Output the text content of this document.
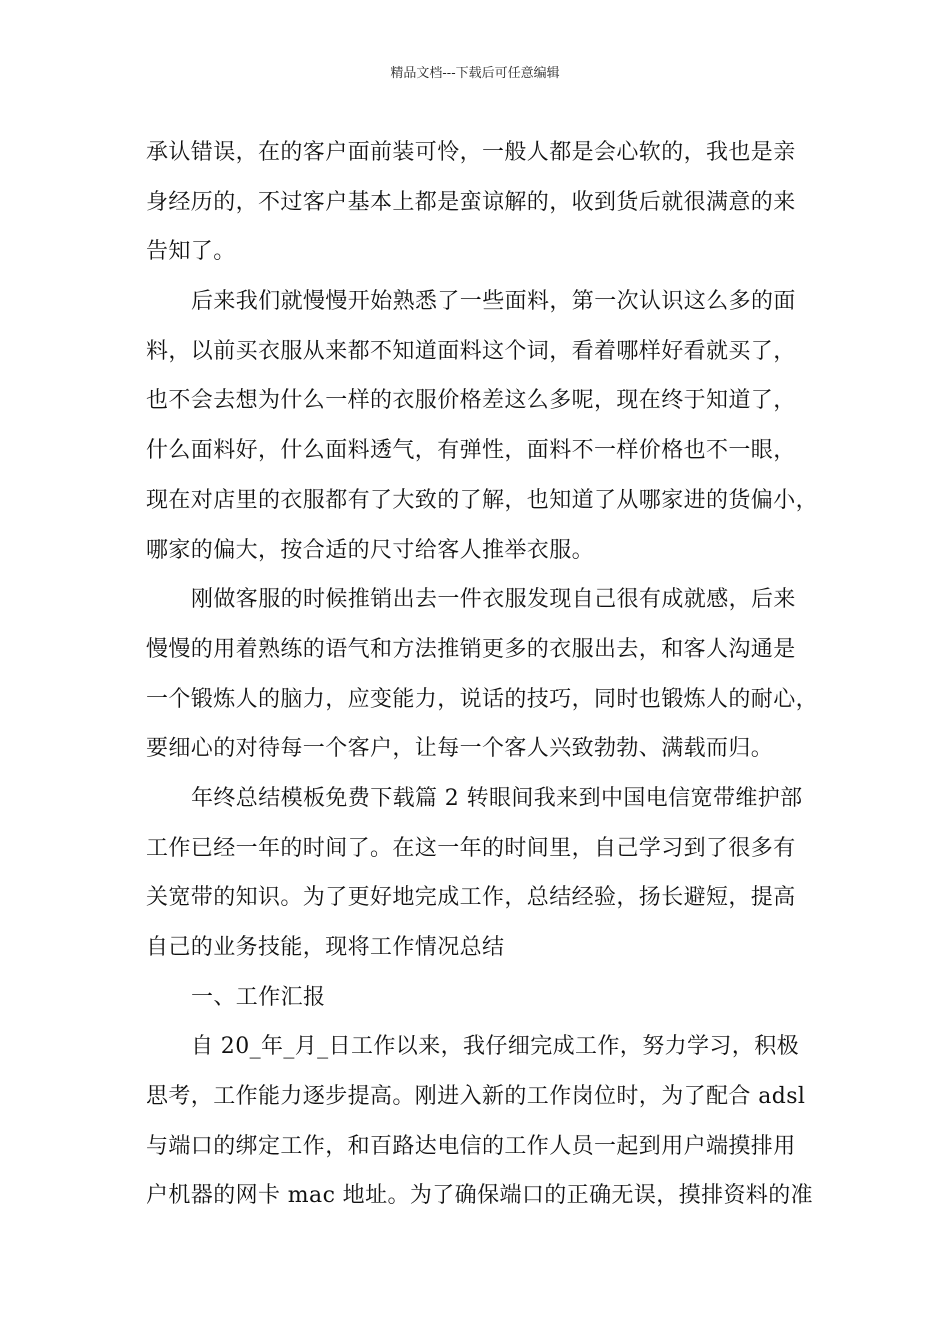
精品文档---下载后可任意编辑
承认错误，在的客户面前装可怜，一般人都是会心软的，我也是亲
身经历的，不过客户基本上都是蛮谅解的，收到货后就很满意的来
告知了。
后来我们就慢慢开始熟悉了一些面料，第一次认识这么多的面
料，以前买衣服从来都不知道面料这个词，看着哪样好看就买了，
也不会去想为什么一样的衣服价格差这么多呢，现在终于知道了，
什么面料好，什么面料透气，有弹性，面料不一样价格也不一眼，
现在对店里的衣服都有了大致的了解，也知道了从哪家进的货偏小，
哪家的偏大，按合适的尺寸给客人推举衣服。
刚做客服的时候推销出去一件衣服发现自己很有成就感，后来
慢慢的用着熟练的语气和方法推销更多的衣服出去，和客人沟通是
一个锻炼人的脑力，应变能力，说话的技巧，同时也锻炼人的耐心，
要细心的对待每一个客户，让每一个客人兴致勃勃、满载而归。
年终总结模板免费下载篇 2 转眼间我来到中国电信宽带维护部
工作已经一年的时间了。在这一年的时间里，自己学习到了很多有
关宽带的知识。为了更好地完成工作，总结经验，扬长避短，提高
自己的业务技能，现将工作情况总结
一、工作汇报
自 20_年_月_日工作以来，我仔细完成工作，努力学习，积极
思考，工作能力逐步提高。刚进入新的工作岗位时，为了配合 adsl
与端口的绑定工作，和百路达电信的工作人员一起到用户端摸排用
户机器的网卡 mac 地址。为了确保端口的正确无误，摸排资料的准
